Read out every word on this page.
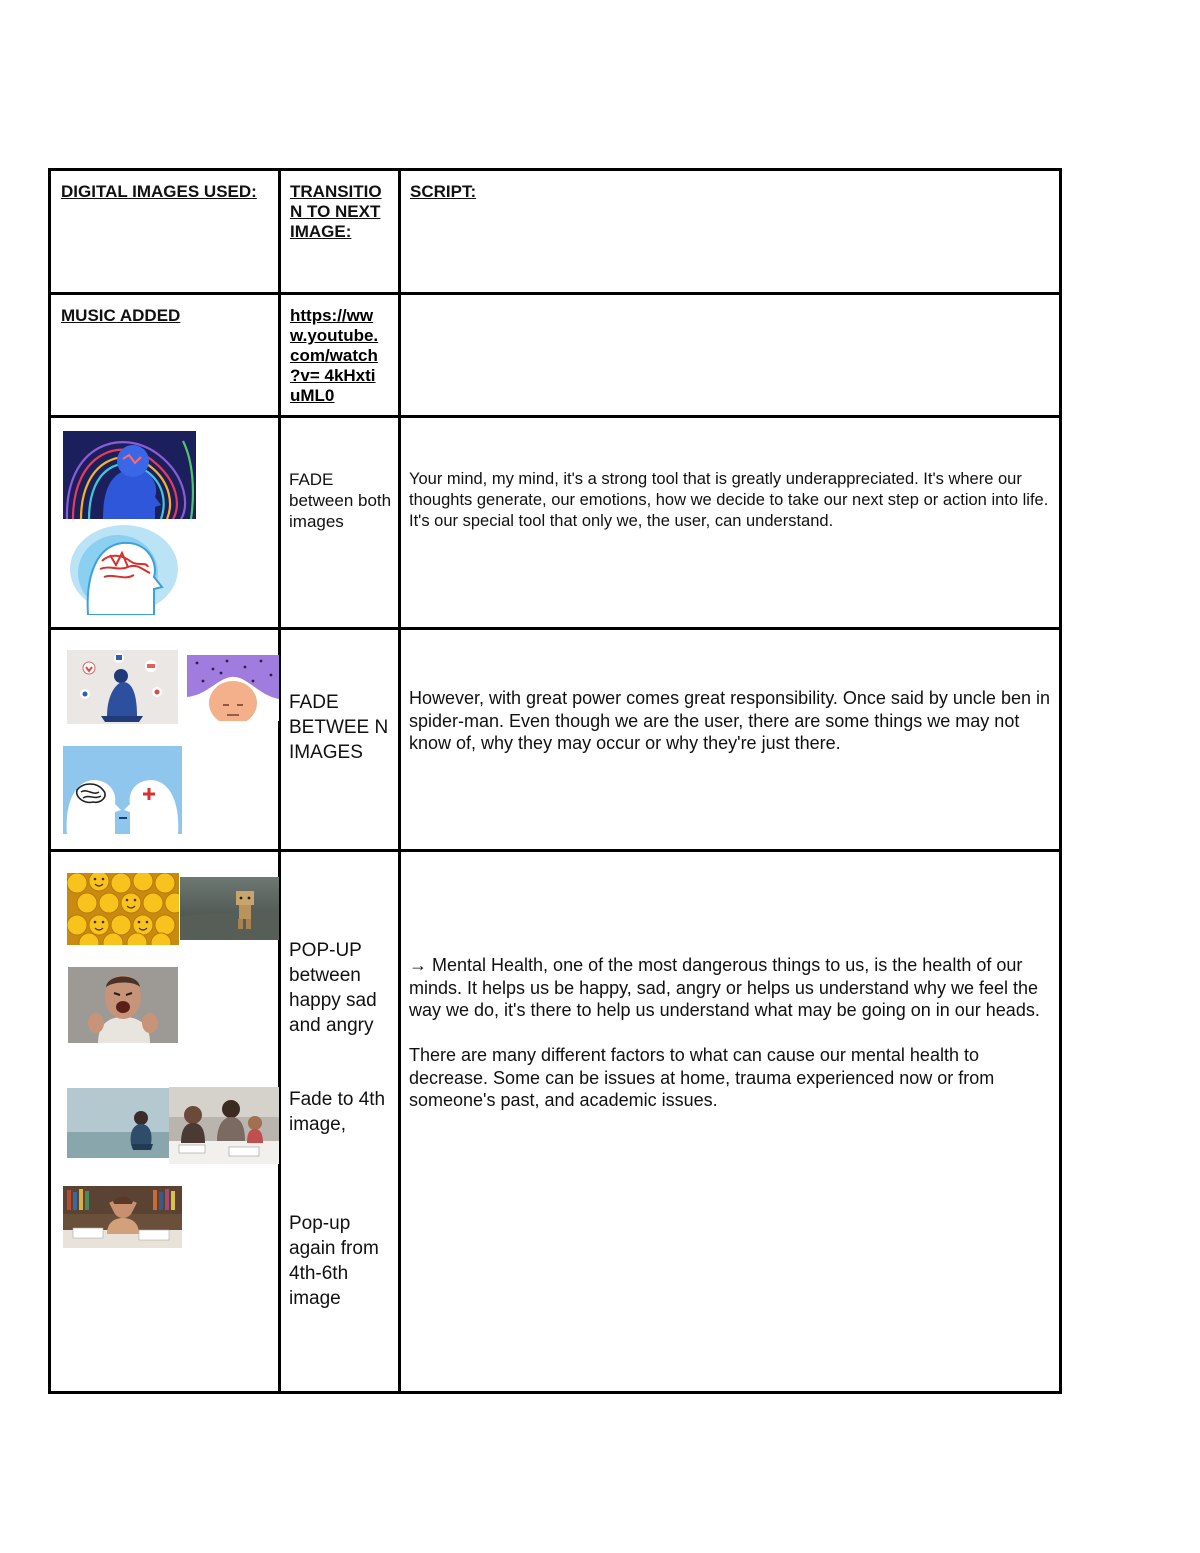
DIGITAL IMAGES USED:	TRANSITIO N TO NEXT IMAGE:
SCRIPT:
MUSIC ADDED	https://ww w.youtube. com/watch ?v= 4kHxti uML0
FADE between both images
Your mind, my mind, it's a strong tool that is greatly underappreciated. It's where our thoughts generate, our emotions, how we decide to take our next step or action into life. It's our special tool that only we, the user, can understand.
FADE BETWEE N IMAGES
However, with great power comes great responsibility. Once said by uncle ben in spider-man. Even though we are the user, there are some things we may not know of, why they may occur or why they're just there.
POP-UP between happy sad and angry
Fade to 4th image,
Pop-up again from 4th-6th image

→ Mental Health, one of the most dangerous things to us, is the health of our minds. It helps us be happy, sad, angry or helps us understand why we feel the way we do, it's there to help us understand what may be going on in our heads.

There are many different factors to what can cause our mental health to decrease. Some can be issues at home, trauma experienced now or from someone's past, and academic issues.
